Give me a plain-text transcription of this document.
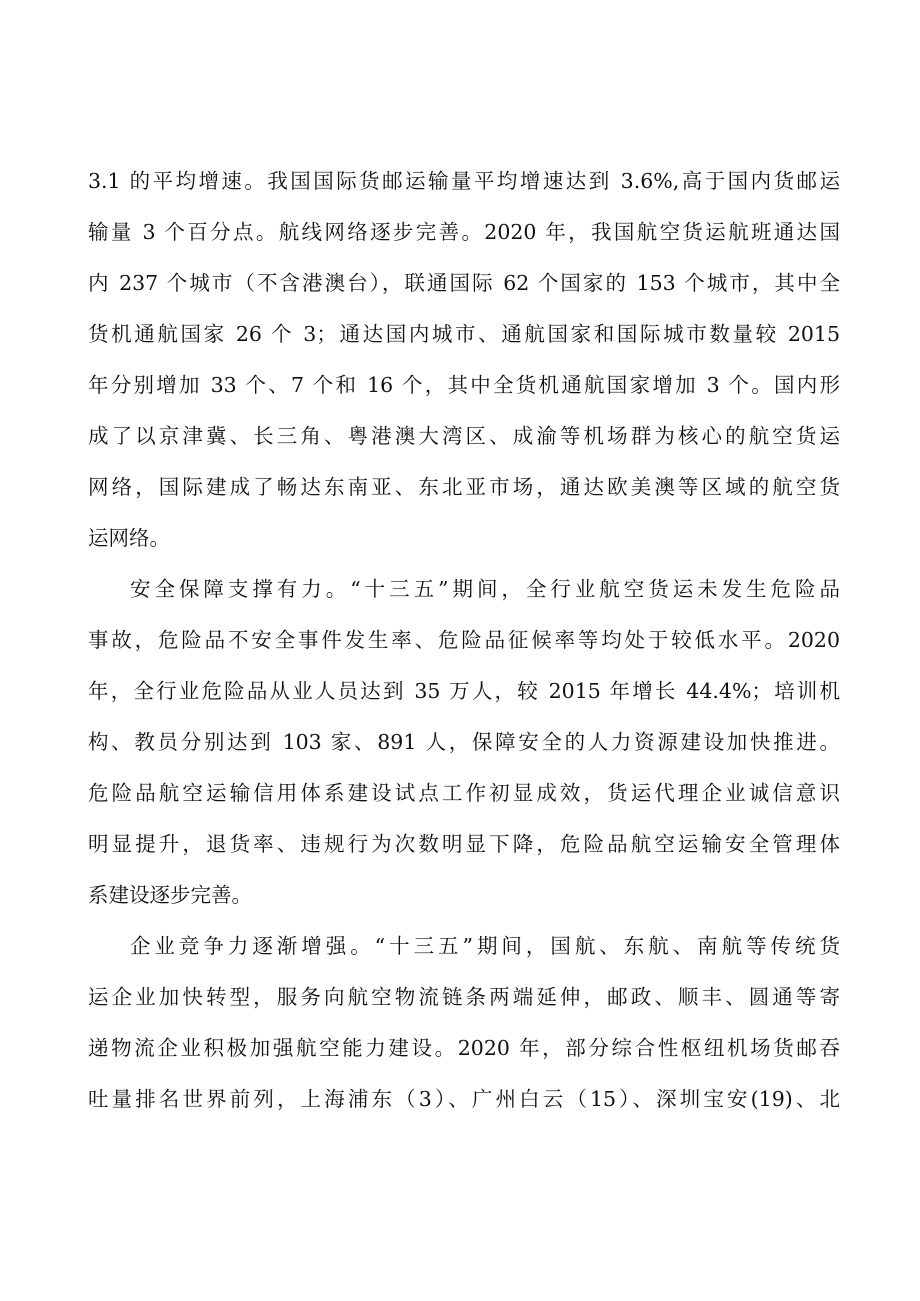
3.1 的平均增速。我国国际货邮运输量平均增速达到 3.6%,高于国内货邮运
输量 3 个百分点。航线网络逐步完善。2020 年，我国航空货运航班通达国
内 237 个城市（不含港澳台），联通国际 62 个国家的 153 个城市，其中全
货机通航国家 26 个 3；通达国内城市、通航国家和国际城市数量较 2015
年分别增加 33 个、7 个和 16 个，其中全货机通航国家增加 3 个。国内形
成了以京津冀、长三角、粤港澳大湾区、成渝等机场群为核心的航空货运
网络，国际建成了畅达东南亚、东北亚市场，通达欧美澳等区域的航空货
运网络。
安全保障支撑有力。“十三五”期间，全行业航空货运未发生危险品
事故，危险品不安全事件发生率、危险品征候率等均处于较低水平。2020
年，全行业危险品从业人员达到 35 万人，较 2015 年增长 44.4%；培训机
构、教员分别达到 103 家、891 人，保障安全的人力资源建设加快推进。
危险品航空运输信用体系建设试点工作初显成效，货运代理企业诚信意识
明显提升，退货率、违规行为次数明显下降，危险品航空运输安全管理体
系建设逐步完善。
企业竞争力逐渐增强。“十三五”期间，国航、东航、南航等传统货
运企业加快转型，服务向航空物流链条两端延伸，邮政、顺丰、圆通等寄
递物流企业积极加强航空能力建设。2020 年，部分综合性枢纽机场货邮吞
吐量排名世界前列，上海浦东（3）、广州白云（15）、深圳宝安(19)、北
